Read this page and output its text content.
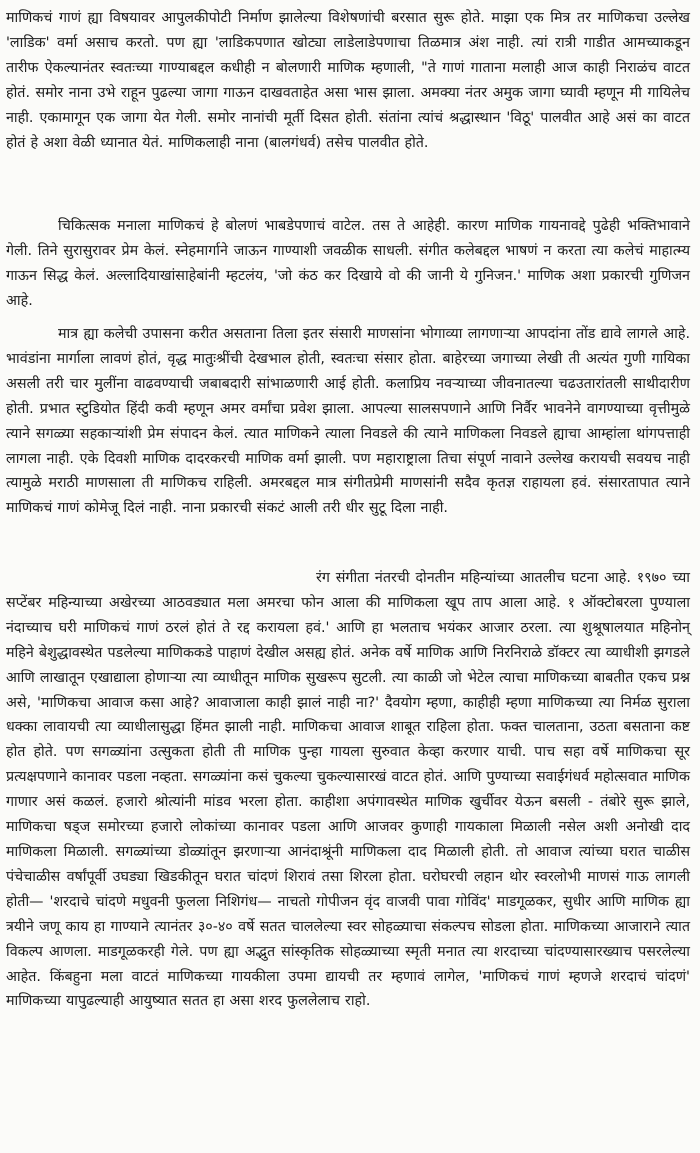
माणिकचं गाणं ह्या विषयावर आपुलकीपोटी निर्माण झालेल्या विशेषणांची बरसात सुरू होते. माझा एक मित्र तर माणिकचा उल्लेख 'लाडिक' वर्मा असाच करतो. पण ह्या 'लाडिकपणात खोट्या लाडेलाडेपणाचा तिळमात्र अंश नाही. त्यां रात्री गाडीत आमच्याकडून तारीफ ऐकल्यानंतर स्वतःच्या गाण्याबद्दल कधीही न बोलणारी माणिक म्हणाली, "ते गाणं गाताना मलाही आज काही निराळंच वाटत होतं. समोर नाना उभे राहून पुढल्या जागा गाऊन दाखवताहेत असा भास झाला. अमक्या नंतर अमुक जागा घ्यावी म्हणून मी गायिलेच नाही. एकामागून एक जागा येत गेली. समोर नानांची मूर्ती दिसत होती. संतांना त्यांचं श्रद्धास्थान 'विठू' पालवीत आहे असं का वाटत होतं हे अशा वेळी ध्यानात येतं. माणिकलाही नाना (बालगंधर्व) तसेच पालवीत होते.

चिकित्सक मनाला माणिकचं हे बोलणं भाबडेपणाचं वाटेल. तस ते आहेही. कारण माणिक गायनावद्दे पुढेही भक्तिभावाने गेली. तिने सुरासुरावर प्रेम केलं. स्नेहमार्गाने जाऊन गाण्याशी जवळीक साधली. संगीत कलेबद्दल भाषणं न करता त्या कलेचं माहात्म्य गाऊन सिद्ध केलं. अल्लादियाखांसाहेबांनी म्हटलंय, 'जो कंठ कर दिखाये वो की जानी ये गुनिजन.' माणिक अशा प्रकारची गुणिजन आहे.

मात्र ह्या कलेची उपासना करीत असताना तिला इतर संसारी माणसांना भोगाव्या लागणाऱ्या आपदांना तोंड द्यावे लागले आहे. भावंडांना मार्गाला लावणं होतं, वृद्ध मातुःश्रींची देखभाल होती, स्वतःचा संसार होता. बाहेरच्या जगाच्या लेखी ती अत्यंत गुणी गायिका असली तरी चार मुलींना वाढवण्याची जबाबदारी सांभाळणारी आई होती. कलाप्रिय नवऱ्याच्या जीवनातल्या चढउतारांतली साथीदारीण होती. प्रभात स्टुडियोत हिंदी कवी म्हणून अमर वर्मांचा प्रवेश झाला. आपल्या सालसपणाने आणि निर्वैर भावनेने वागण्याच्या वृत्तीमुळे त्याने सगळ्या सहकाऱ्यांशी प्रेम संपादन केलं. त्यात माणिकने त्याला निवडले की त्याने माणिकला निवडले ह्याचा आम्हांला थांगपत्ताही लागला नाही. एके दिवशी माणिक दादरकरची माणिक वर्मा झाली. पण महाराष्ट्राला तिचा संपूर्ण नावाने उल्लेख करायची सवयच नाही त्यामुळे मराठी माणसाला ती माणिकच राहिली. अमरबद्दल मात्र संगीतप्रेमी माणसांनी सदैव कृतज्ञ राहायला हवं. संसारतापात त्याने माणिकचं गाणं कोमेजू दिलं नाही. नाना प्रकारची संकटं आली तरी धीर सुटू दिला नाही.

रंग संगीता नंतरची दोनतीन महिन्यांच्या आतलीच घटना आहे. १९७० च्या सप्टेंबर महिन्याच्या अखेरच्या आठवड्यात मला अमरचा फोन आला की माणिकला खूप ताप आला आहे. १ ऑक्टोबरला पुण्याला नंदाच्याच घरी माणिकचं गाणं ठरलं होतं ते रद्द करायला हवं.' आणि हा भलताच भयंकर आजार ठरला. त्या शुश्रूषालयात महिनोन् महिने बेशुद्धावस्थेत पडलेल्या माणिककडे पाहाणं देखील असह्य होतं. अनेक वर्षे माणिक आणि निरनिराळे डॉक्टर त्या व्याधीशी झगडले आणि लाखातून एखाद्याला होणाऱ्या त्या व्याधीतून माणिक सुखरूप सुटली. त्या काळी जो भेटेल त्याचा माणिकच्या बाबतीत एकच प्रश्न असे, 'माणिकचा आवाज कसा आहे? आवाजाला काही झालं नाही ना?' दैवयोग म्हणा, काहीही म्हणा माणिकच्या त्या निर्मळ सुराला धक्का लावायची त्या व्याधीलासुद्धा हिंमत झाली नाही. माणिकचा आवाज शाबूत राहिला होता. फक्त चालताना, उठता बसताना कष्ट होत होते. पण सगळ्यांना उत्सुकता होती ती माणिक पुन्हा गायला सुरुवात केव्हा करणार याची. पाच सहा वर्षे माणिकचा सूर प्रत्यक्षपणाने कानावर पडला नव्हता. सगळ्यांना कसं चुकल्या चुकल्यासारखं वाटत होतं. आणि पुण्याच्या सवाईगंधर्व महोत्सवात माणिक गाणार असं कळलं. हजारो श्रोत्यांनी मांडव भरला होता. काहीशा अपंगावस्थेत माणिक खुर्चीवर येऊन बसली - तंबोरे सुरू झाले, माणिकचा षड्ज समोरच्या हजारो लोकांच्या कानावर पडला आणि आजवर कुणाही गायकाला मिळाली नसेल अशी अनोखी दाद माणिकला मिळाली. सगळ्यांच्या डोळ्यांतून झरणाऱ्या आनंदाश्रूंनी माणिकला दाद मिळाली होती. तो आवाज त्यांच्या घरात चाळीस पंचेचाळीस वर्षांपूर्वी उघड्या खिडकीतून घरात चांदणं शिरावं तसा शिरला होता. घरोघरची लहान थोर स्वरलोभी माणसं गाऊ लागली होती— 'शरदाचे चांदणे मधुवनी फुलला निशिगंध— नाचतो गोपीजन वृंद वाजवी पावा गोविंद' माडगूळकर, सुधीर आणि माणिक ह्या त्रयीने जणू काय हा गाण्याने त्यानंतर ३०-४० वर्षे सतत चाललेल्या स्वर सोहळ्याचा संकल्पच सोडला होता. माणिकच्या आजाराने त्यात विकल्प आणला. माडगूळकरही गेले. पण ह्या अद्भुत सांस्कृतिक सोहळ्याच्या स्मृती मनात त्या शरदाच्या चांदण्यासारख्याच पसरलेल्या आहेत. किंबहुना मला वाटतं माणिकच्या गायकीला उपमा द्यायची तर म्हणावं लागेल, 'माणिकचं गाणं म्हणजे शरदाचं चांदणं' माणिकच्या यापुढल्याही आयुष्यात सतत हा असा शरद फुललेलाच राहो.
